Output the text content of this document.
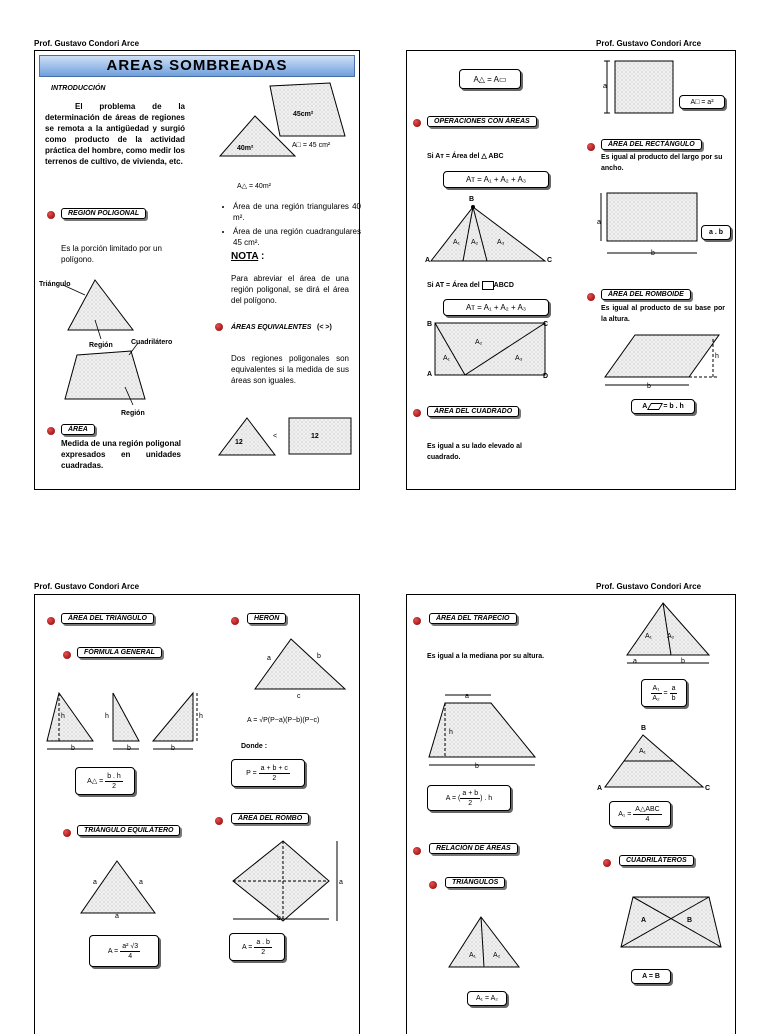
Prof. Gustavo Condori Arce
AREAS SOMBREADAS
INTRODUCCIÓN
El problema de la determinación de áreas de regiones se remota a la antigüedad y surgió como producto de la actividad práctica del hombre, como medir los terrenos de cultivo, de vivienda, etc.
45cm²
40m²	A□ = 45 cm²
A△ = 40m²
• Área de una región triangulares 40 m².
• Área de una región cuadrangulares 45 cm².
NOTA :
Para abreviar el área de una región poligonal, se dirá el área del polígono.
ÁREAS EQUIVALENTES (< >)
Dos regiones poligonales son equivalentes si la medida de sus áreas son iguales.
12
<	12
REGIÓN POLIGONAL
Es la porción limitado por un polígono.
Triángulo
Región	Cuadrilátero
Región
ÁREA
Medida de una región poligonal expresados en unidades cuadradas.
Prof. Gustavo Condori Arce
A△ = A▭
OPERACIONES CON ÁREAS
Si Aᴛ = Área del △ ABC
Aᴛ = A₁ + A₂ + A₃
B
A	C
A₁ A₂	A₃
Si AT = Área del ABCD
Aᴛ = A₁ + A₂ + A₃
B	C
A	D
A₁
A₂
A₃
ÁREA DEL CUADRADO
Es igual a su lado elevado al cuadrado.
a
A□ = a²
ÁREA DEL RECTÁNGULO
Es igual al producto del largo por su ancho.
a
b
a . b
ÁREA DEL ROMBOIDE
Es igual al producto de su base por la altura.
h
b
A = b . h
Prof. Gustavo Condori Arce
ÁREA DEL TRIÁNGULO
FÓRMULA GENERAL
h	h	h
b	b	b
A△ =
$\frac{b . h}{2}$
TRIÁNGULO EQUILÁTERO
a	a
a
A =
$\frac{\text{a² √3}}{4}$
HERÓN
a	b
c
A = √P(P−a)(P−b)(P−c)
Donde :
P =
$\frac{a + b + c}{2}$
ÁREA DEL ROMBO
a
b
A =
$\frac{a . b}{2}$
Prof. Gustavo Condori Arce
ÁREA DEL TRAPECIO
Es igual a la mediana por su altura.
a
h
b
A = ( $\frac{a + b}{2}$ ) . h
RELACIÓN DE ÁREAS
TRIÁNGULOS
A₁ A₂
A₁ = A₂
A₁ A₂
a	b
$\frac{\text{A₁}}{\text{A₂}}$
=
$\frac{a}{b}$
B
A	C
A₁
A₁ =
$\frac{\text{A△ABC}}{4}$
CUADRILÁTEROS
A	B
A = B
